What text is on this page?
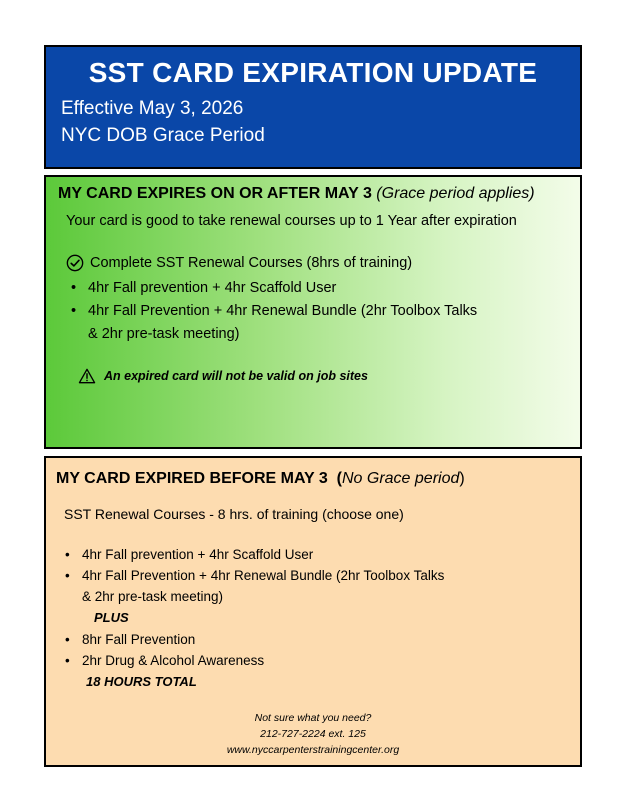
SST CARD EXPIRATION UPDATE
Effective May 3, 2026
NYC DOB Grace Period
MY CARD EXPIRES ON OR AFTER MAY 3 (Grace period applies)
Your card is good to take renewal courses up to 1 Year after expiration
Complete SST Renewal Courses (8hrs of training)
• 4hr Fall prevention + 4hr Scaffold User
• 4hr Fall Prevention + 4hr Renewal Bundle (2hr Toolbox Talks
& 2hr pre-task meeting)
An expired card will not be valid on job sites
MY CARD EXPIRED BEFORE MAY 3 (No Grace period)
SST Renewal Courses - 8 hrs. of training (choose one)
• 4hr Fall prevention + 4hr Scaffold User
• 4hr Fall Prevention + 4hr Renewal Bundle (2hr Toolbox Talks
& 2hr pre-task meeting)
PLUS
• 8hr Fall Prevention
• 2hr Drug & Alcohol Awareness
18 HOURS TOTAL
Not sure what you need?
212-727-2224 ext. 125
www.nyccarpenterstrainingcenter.org
